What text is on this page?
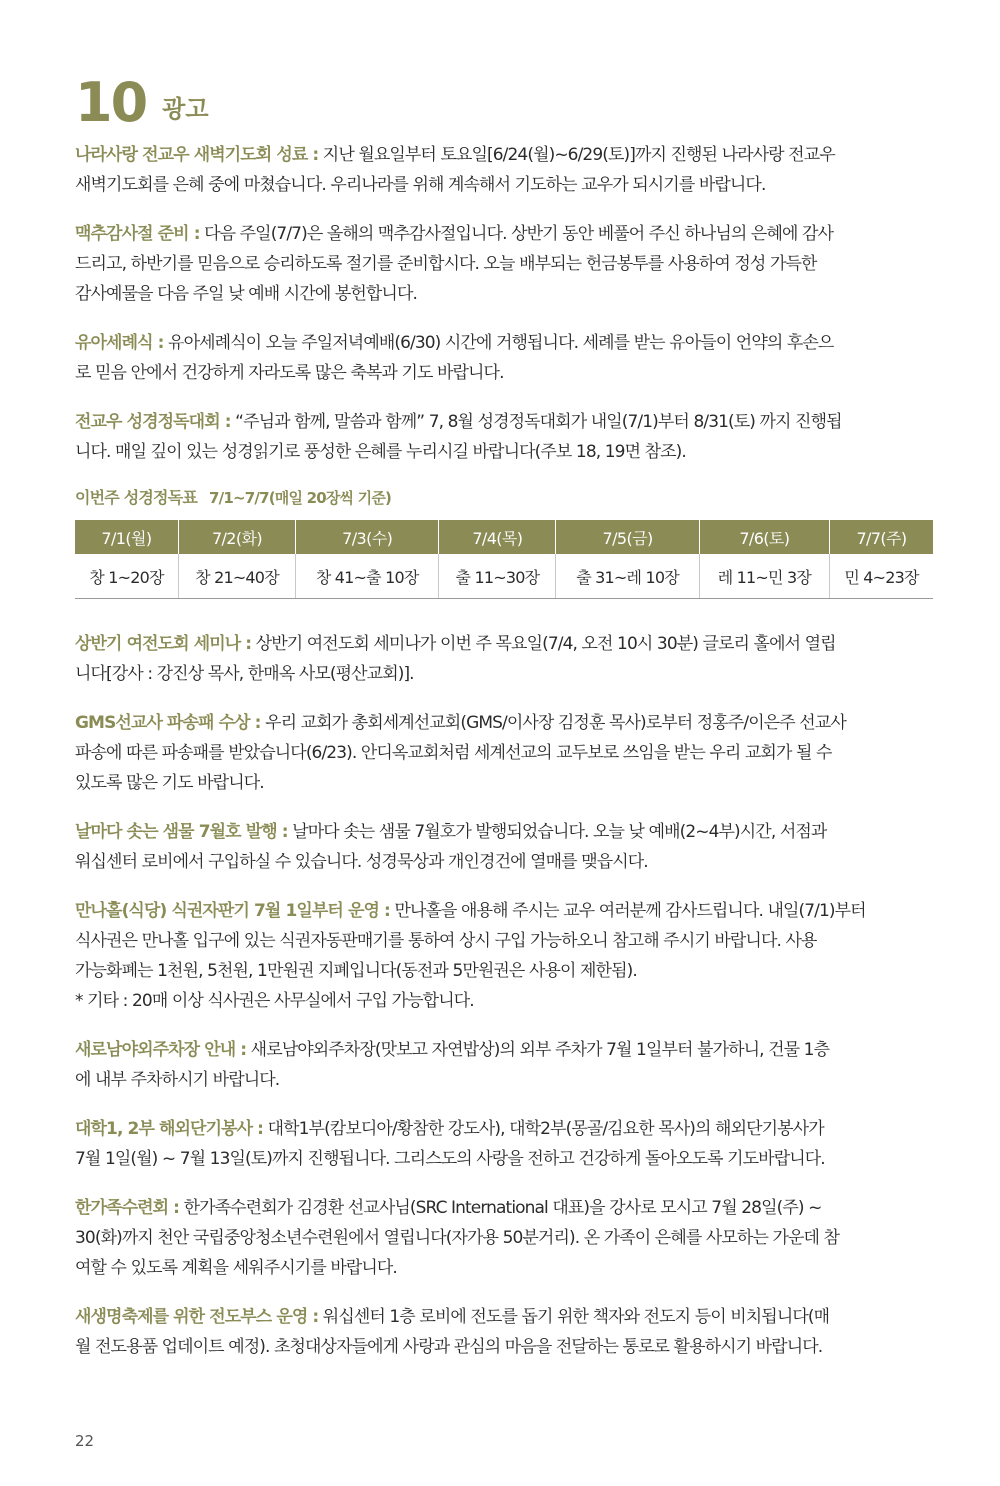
10 광고

나라사랑 전교우 새벽기도회 성료 : 지난 월요일부터 토요일[6/24(월)~6/29(토)]까지 진행된 나라사랑 전교우
새벽기도회를 은혜 중에 마쳤습니다. 우리나라를 위해 계속해서 기도하는 교우가 되시기를 바랍니다.

맥추감사절 준비 : 다음 주일(7/7)은 올해의 맥추감사절입니다. 상반기 동안 베풀어 주신 하나님의 은혜에 감사
드리고, 하반기를 믿음으로 승리하도록 절기를 준비합시다. 오늘 배부되는 헌금봉투를 사용하여 정성 가득한
감사예물을 다음 주일 낮 예배 시간에 봉헌합니다.

유아세례식 : 유아세례식이 오늘 주일저녁예배(6/30) 시간에 거행됩니다. 세례를 받는 유아들이 언약의 후손으
로 믿음 안에서 건강하게 자라도록 많은 축복과 기도 바랍니다.

전교우 성경정독대회 : “주님과 함께, 말씀과 함께” 7, 8월 성경정독대회가 내일(7/1)부터 8/31(토) 까지 진행됩
니다. 매일 깊이 있는 성경읽기로 풍성한 은혜를 누리시길 바랍니다(주보 18, 19면 참조).

이번주 성경정독표 7/1~7/7(매일 20장씩 기준)
7/1(월)	7/2(화)	7/3(수)	7/4(목)	7/5(금)	7/6(토)	7/7(주)
창 1~20장	창 21~40장	창 41~출 10장	출 11~30장	출 31~레 10장	레 11~민 3장	민 4~23장

상반기 여전도회 세미나 : 상반기 여전도회 세미나가 이번 주 목요일(7/4, 오전 10시 30분) 글로리 홀에서 열립
니다[강사 : 강진상 목사, 한매옥 사모(평산교회)].

GMS선교사 파송패 수상 : 우리 교회가 총회세계선교회(GMS/이사장 김정훈 목사)로부터 정홍주/이은주 선교사
파송에 따른 파송패를 받았습니다(6/23). 안디옥교회처럼 세계선교의 교두보로 쓰임을 받는 우리 교회가 될 수
있도록 많은 기도 바랍니다.

날마다 솟는 샘물 7월호 발행 : 날마다 솟는 샘물 7월호가 발행되었습니다. 오늘 낮 예배(2~4부)시간, 서점과
워십센터 로비에서 구입하실 수 있습니다. 성경묵상과 개인경건에 열매를 맺읍시다.

만나홀(식당) 식권자판기 7월 1일부터 운영 : 만나홀을 애용해 주시는 교우 여러분께 감사드립니다. 내일(7/1)부터
식사권은 만나홀 입구에 있는 식권자동판매기를 통하여 상시 구입 가능하오니 참고해 주시기 바랍니다. 사용
가능화폐는 1천원, 5천원, 1만원권 지폐입니다(동전과 5만원권은 사용이 제한됨).
* 기타 : 20매 이상 식사권은 사무실에서 구입 가능합니다.

새로남야외주차장 안내 : 새로남야외주차장(맛보고 자연밥상)의 외부 주차가 7월 1일부터 불가하니, 건물 1층
에 내부 주차하시기 바랍니다.

대학1, 2부 해외단기봉사 : 대학1부(캄보디아/황참한 강도사), 대학2부(몽골/김요한 목사)의 해외단기봉사가
7월 1일(월) ~ 7월 13일(토)까지 진행됩니다. 그리스도의 사랑을 전하고 건강하게 돌아오도록 기도바랍니다.

한가족수련회 : 한가족수련회가 김경환 선교사님(SRC International 대표)을 강사로 모시고 7월 28일(주) ~
30(화)까지 천안 국립중앙청소년수련원에서 열립니다(자가용 50분거리). 온 가족이 은혜를 사모하는 가운데 참
여할 수 있도록 계획을 세워주시기를 바랍니다.

새생명축제를 위한 전도부스 운영 : 워십센터 1층 로비에 전도를 돕기 위한 책자와 전도지 등이 비치됩니다(매
월 전도용품 업데이트 예정). 초청대상자들에게 사랑과 관심의 마음을 전달하는 통로로 활용하시기 바랍니다.

22
